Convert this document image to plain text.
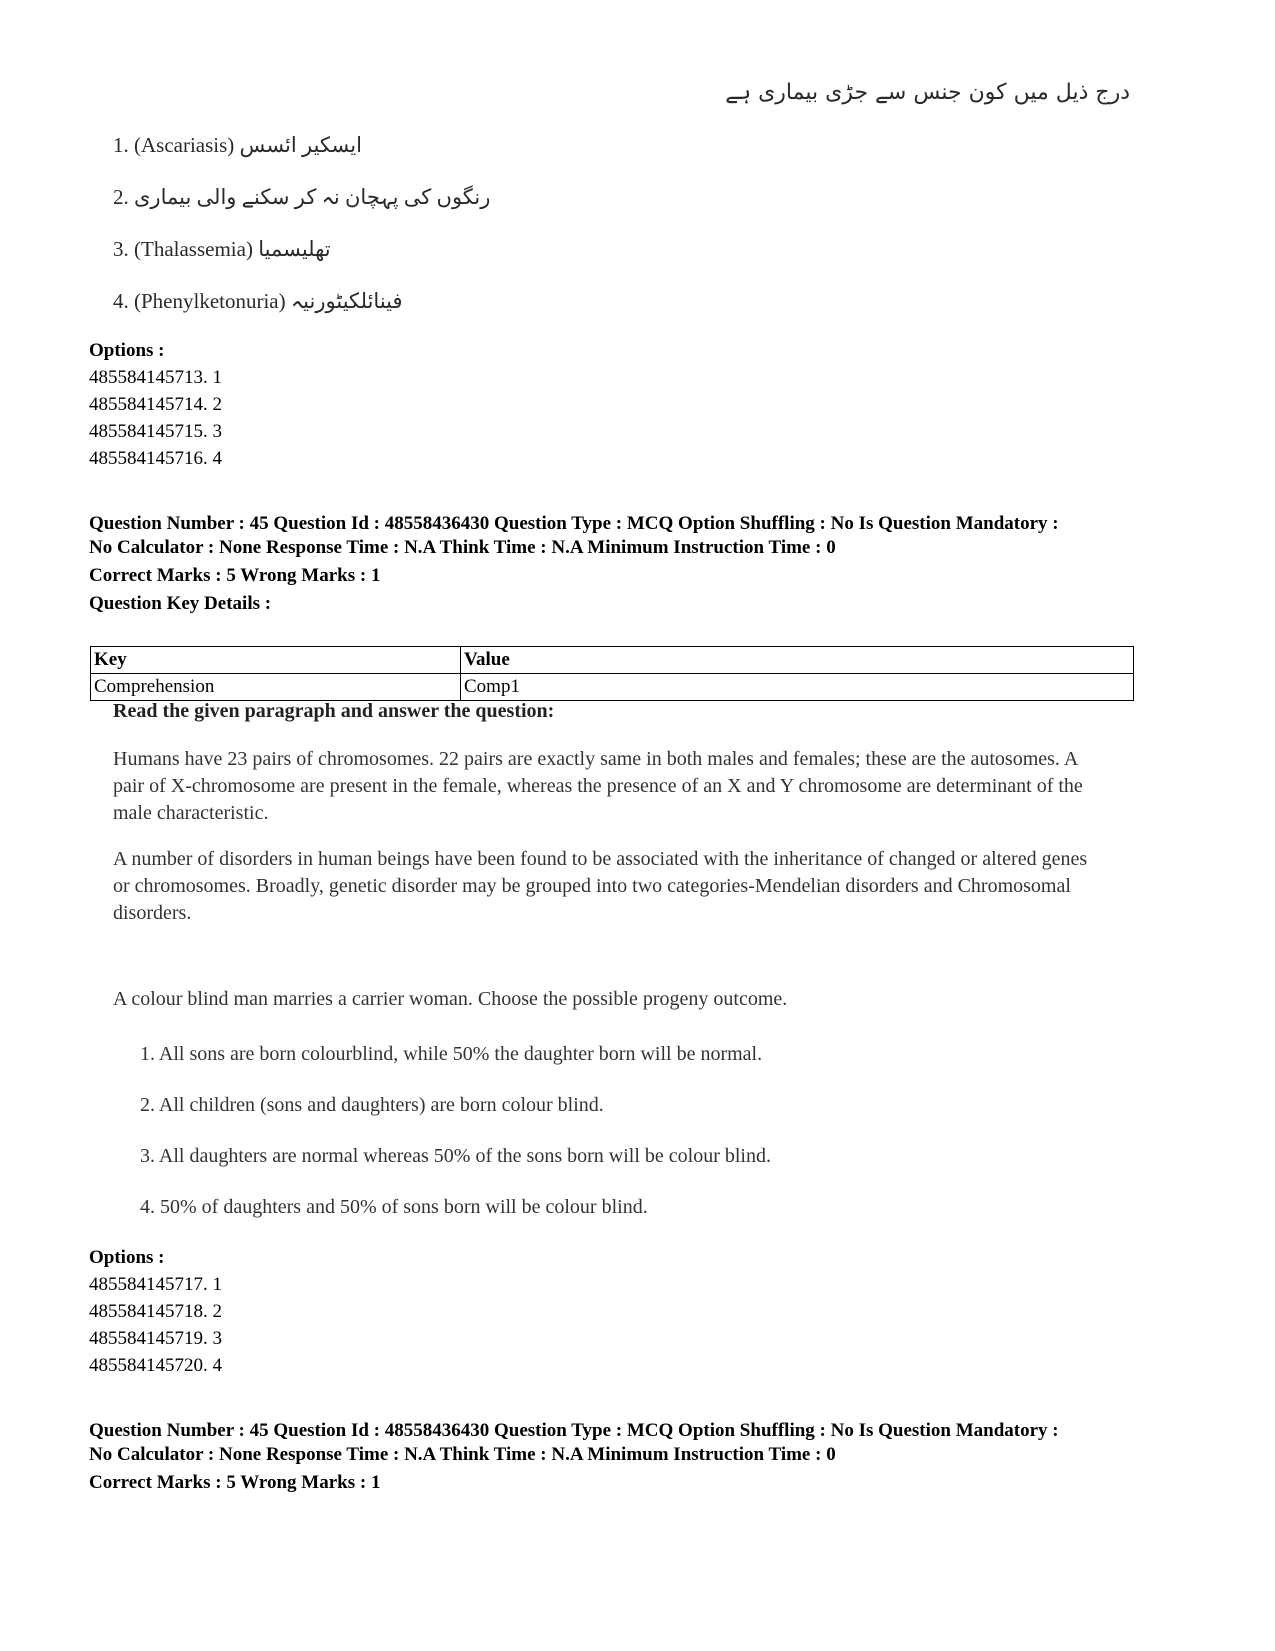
درج ذیل میں کون جنس سے جڑی بیماری ہے
1. (Ascariasis) ایسکیر ائسس
2. رنگوں کی پہچان نہ کر سکنے والی بیماری
3. (Thalassemia) تھلیسمیا
4. (Phenylketonuria) فینائلکیٹورنیہ
Options :
485584145713. 1
485584145714. 2
485584145715. 3
485584145716. 4
Question Number : 45 Question Id : 48558436430 Question Type : MCQ Option Shuffling : No Is Question Mandatory :
No Calculator : None Response Time : N.A Think Time : N.A Minimum Instruction Time : 0
Correct Marks : 5 Wrong Marks : 1
Question Key Details :
Key	Value
Comprehension	Comp1
Read the given paragraph and answer the question:
Humans have 23 pairs of chromosomes. 22 pairs are exactly same in both males and females; these are the autosomes. A pair of X-chromosome are present in the female, whereas the presence of an X and Y chromosome are determinant of the male characteristic.
A number of disorders in human beings have been found to be associated with the inheritance of changed or altered genes or chromosomes. Broadly, genetic disorder may be grouped into two categories-Mendelian disorders and Chromosomal disorders.
A colour blind man marries a carrier woman. Choose the possible progeny outcome.
1. All sons are born colourblind, while 50% the daughter born will be normal.
2. All children (sons and daughters) are born colour blind.
3. All daughters are normal whereas 50% of the sons born will be colour blind.
4. 50% of daughters and 50% of sons born will be colour blind.
Options :
485584145717. 1
485584145718. 2
485584145719. 3
485584145720. 4
Question Number : 45 Question Id : 48558436430 Question Type : MCQ Option Shuffling : No Is Question Mandatory :
No Calculator : None Response Time : N.A Think Time : N.A Minimum Instruction Time : 0
Correct Marks : 5 Wrong Marks : 1
